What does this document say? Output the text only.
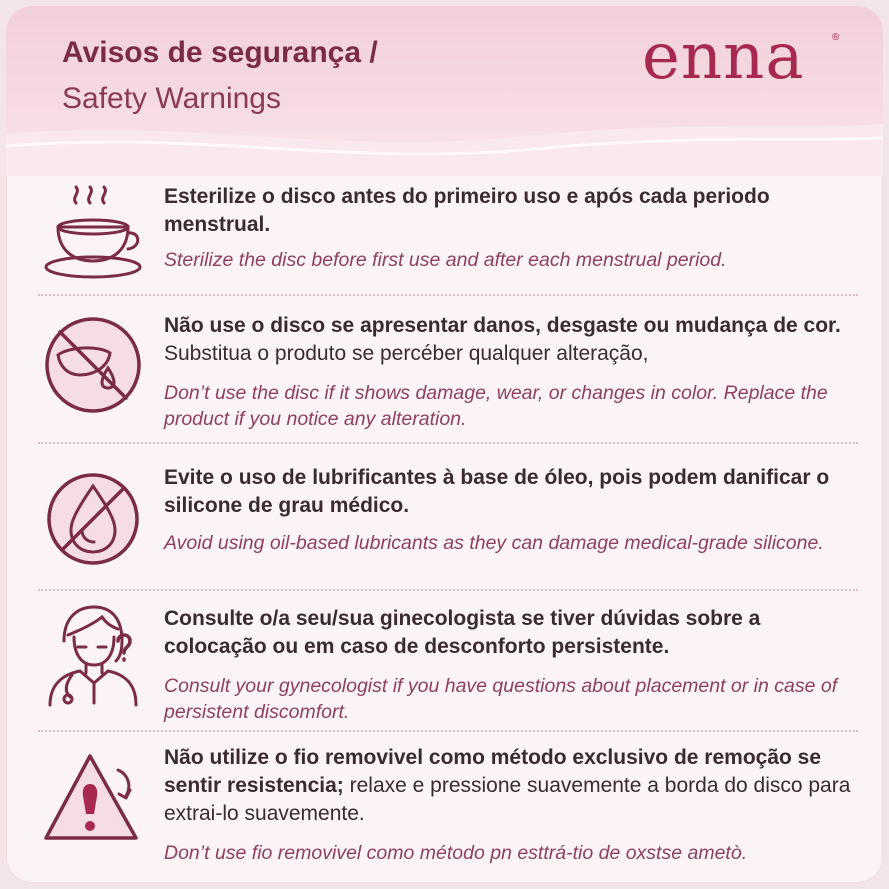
Avisos de segurança /
Safety Warnings
enna	®
Esterilize o disco antes do primeiro uso e após cada periodo menstrual.
Sterilize the disc before first use and after each menstrual period.
Não use o disco se apresentar danos, desgaste ou mudança de cor. Substitua o produto se percéber qualquer alteração,
Don’t use the disc if it shows damage, wear, or changes in color. Replace the product if you notice any alteration.
Evite o uso de lubrificantes à base de óleo, pois podem danificar o silicone de grau médico.
Avoid using oil-based lubricants as they can damage medical-grade silicone.
Consulte o/a seu/sua ginecologista se tiver dúvidas sobre a colocação ou em caso de desconforto persistente.
Consult your gynecologist if you have questions about placement or in case of persistent discomfort.
Não utilize o fio removivel como método exclusivo de remoção se sentir resistencia; relaxe e pressione suavemente a borda do disco para extrai-lo suavemente.
Don’t use fio removivel como método pn esttrá-tio de oxstse ametò.
